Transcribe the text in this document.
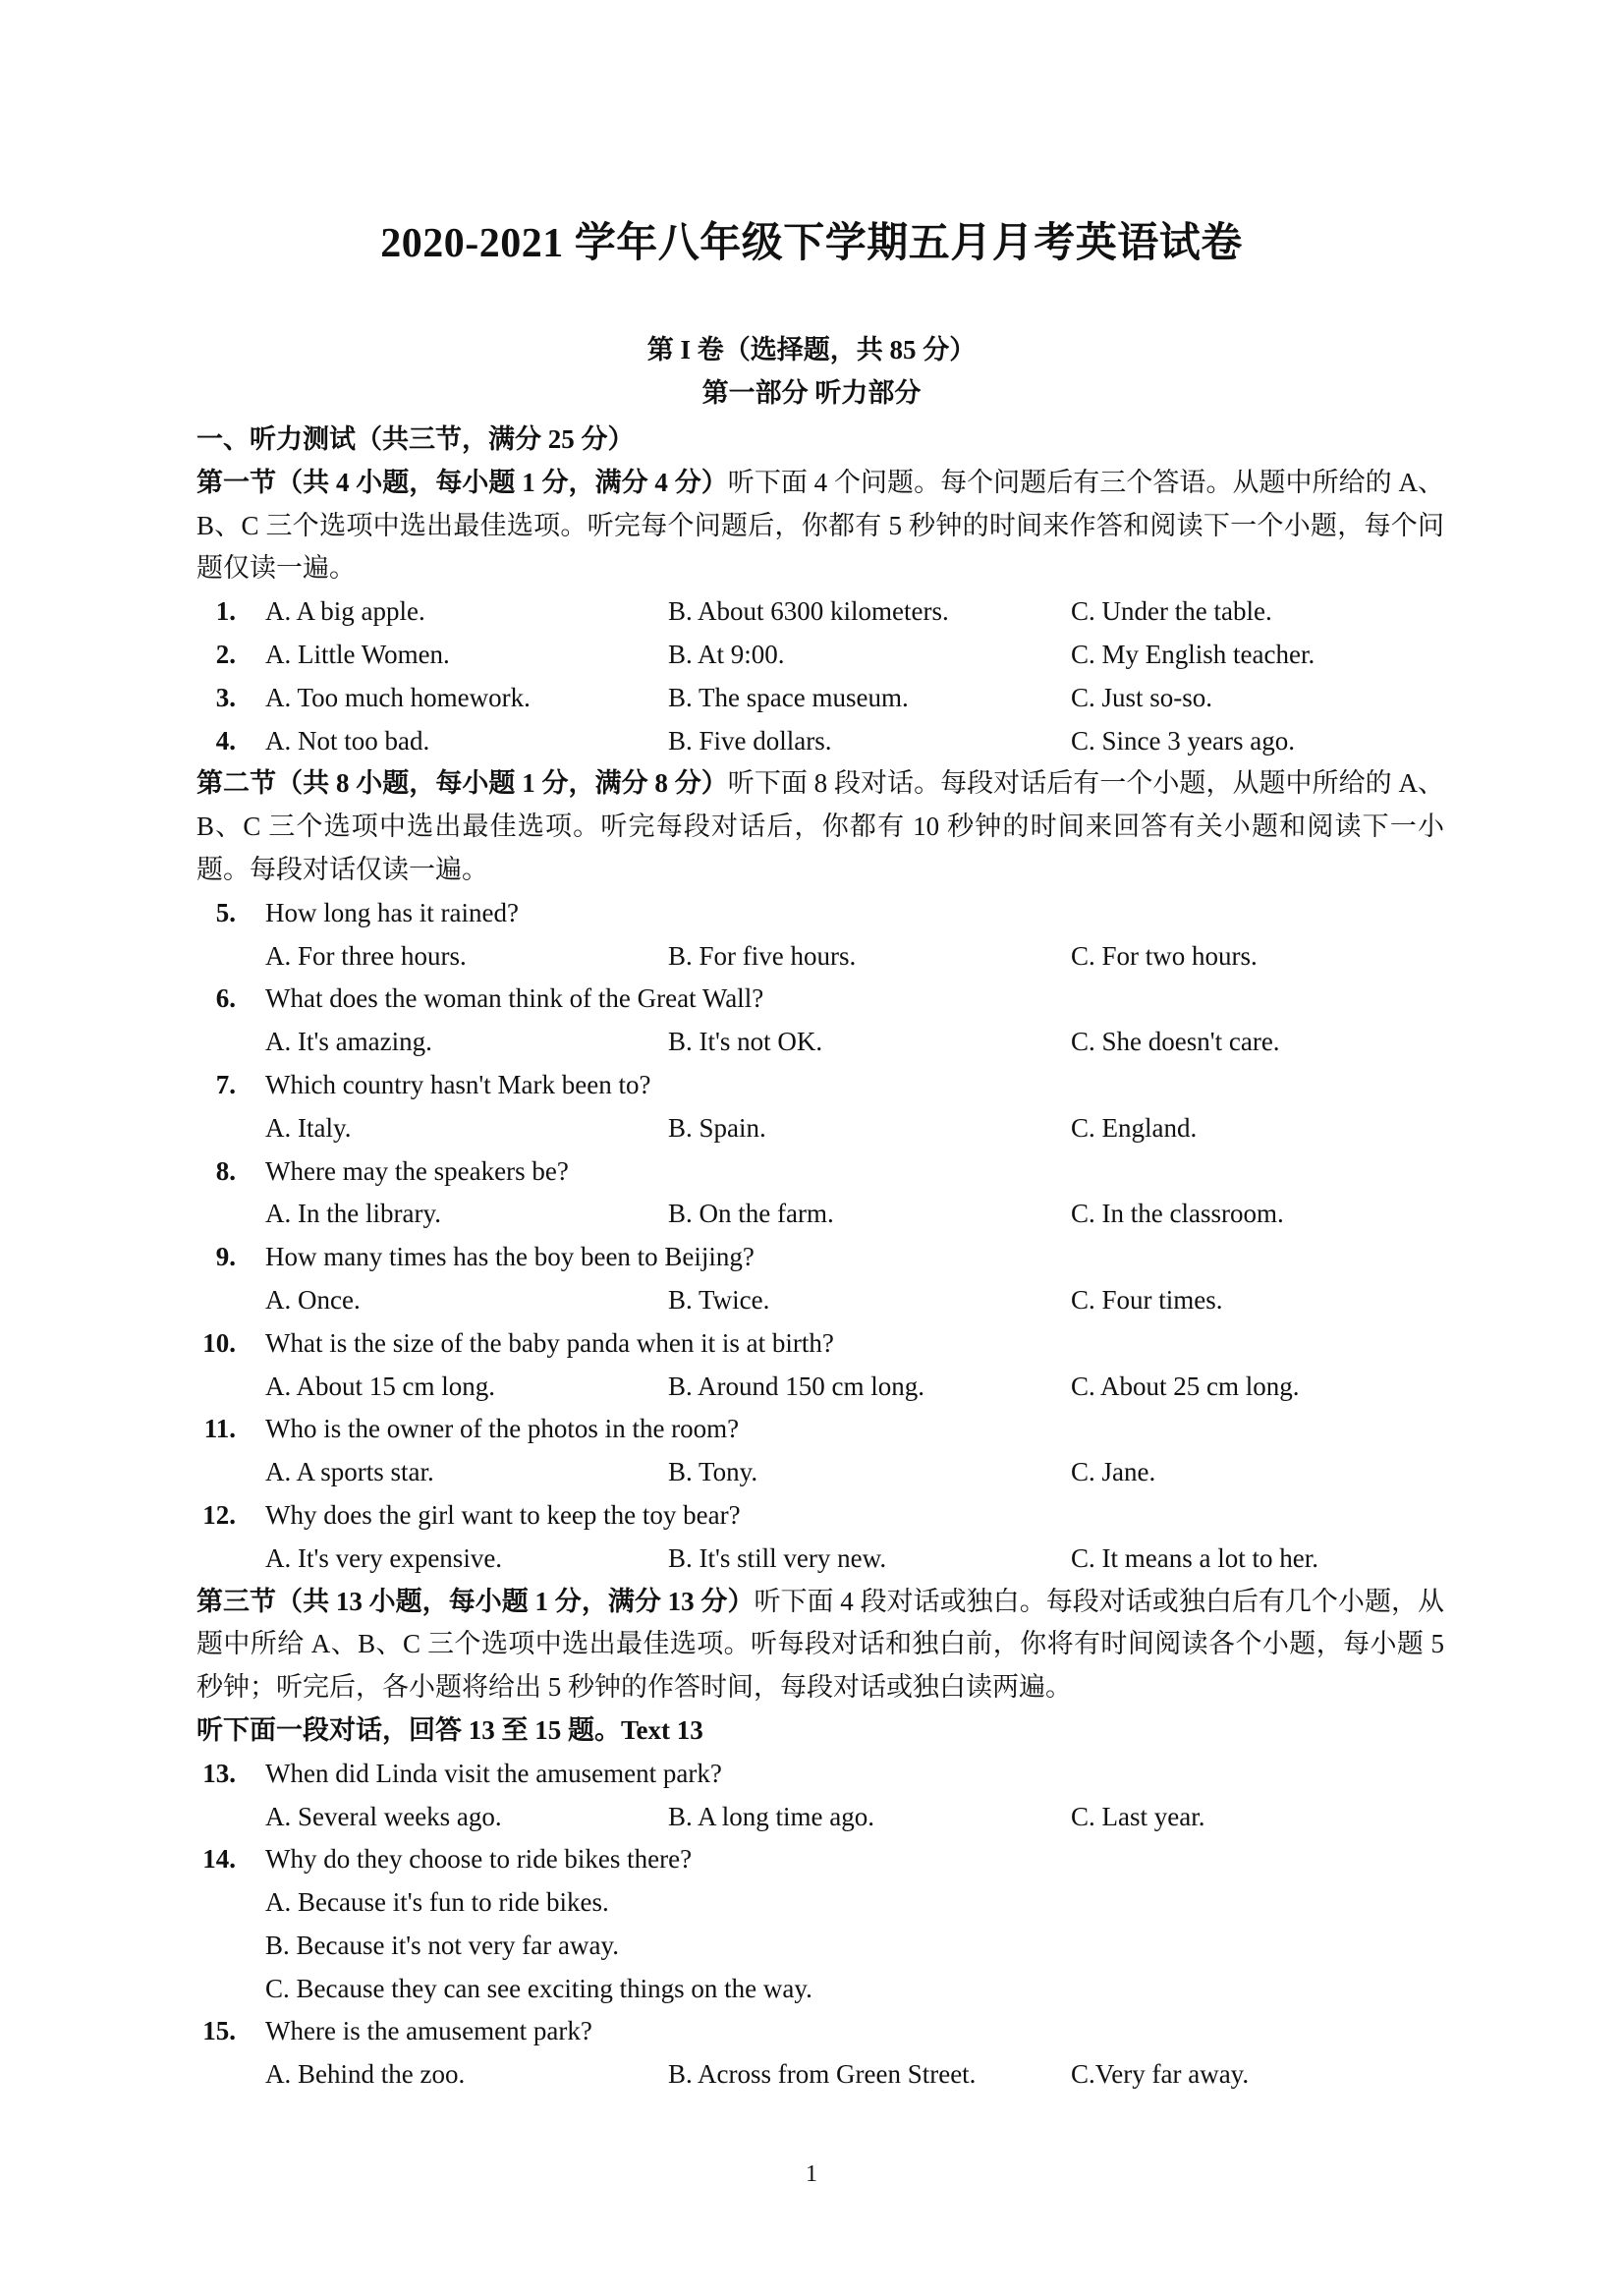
2020-2021 学年八年级下学期五月月考英语试卷
第 I 卷（选择题，共 85 分）
第一部分 听力部分
一、听力测试（共三节，满分 25 分）
第一节（共 4 小题，每小题 1 分，满分 4 分）听下面 4 个问题。每个问题后有三个答语。从题中所给的 A、B、C 三个选项中选出最佳选项。听完每个问题后，你都有 5 秒钟的时间来作答和阅读下一个小题，每个问题仅读一遍。
1. A. A big apple.	B. About 6300 kilometers.	C. Under the table.
2. A. Little Women.	B. At 9:00.	C. My English teacher.
3. A. Too much homework.	B. The space museum.	C. Just so-so.
4. A. Not too bad.	B. Five dollars.	C. Since 3 years ago.
第二节（共 8 小题，每小题 1 分，满分 8 分）听下面 8 段对话。每段对话后有一个小题，从题中所给的 A、B、C 三个选项中选出最佳选项。听完每段对话后，你都有 10 秒钟的时间来回答有关小题和阅读下一小题。每段对话仅读一遍。
5. How long has it rained?
A. For three hours.	B. For five hours.	C. For two hours.
6. What does the woman think of the Great Wall?
A. It's amazing.	B. It's not OK.	C. She doesn't care.
7. Which country hasn't Mark been to?
A. Italy.	B. Spain.	C. England.
8. Where may the speakers be?
A. In the library.	B. On the farm.	C. In the classroom.
9. How many times has the boy been to Beijing?
A. Once.	B. Twice.	C. Four times.
10. What is the size of the baby panda when it is at birth?
A. About 15 cm long.	B. Around 150 cm long.	C. About 25 cm long.
11. Who is the owner of the photos in the room?
A. A sports star.	B. Tony.	C. Jane.
12. Why does the girl want to keep the toy bear?
A. It's very expensive.	B. It's still very new.	C. It means a lot to her.
第三节（共 13 小题，每小题 1 分，满分 13 分）听下面 4 段对话或独白。每段对话或独白后有几个小题，从题中所给 A、B、C 三个选项中选出最佳选项。听每段对话和独白前，你将有时间阅读各个小题，每小题 5 秒钟；听完后，各小题将给出 5 秒钟的作答时间，每段对话或独白读两遍。
听下面一段对话，回答 13 至 15 题。Text 13
13. When did Linda visit the amusement park?
A. Several weeks ago.	B. A long time ago.	C. Last year.
14. Why do they choose to ride bikes there?
A. Because it's fun to ride bikes.
B. Because it's not very far away.
C. Because they can see exciting things on the way.
15. Where is the amusement park?
A. Behind the zoo.	B. Across from Green Street.	C.Very far away.
1
